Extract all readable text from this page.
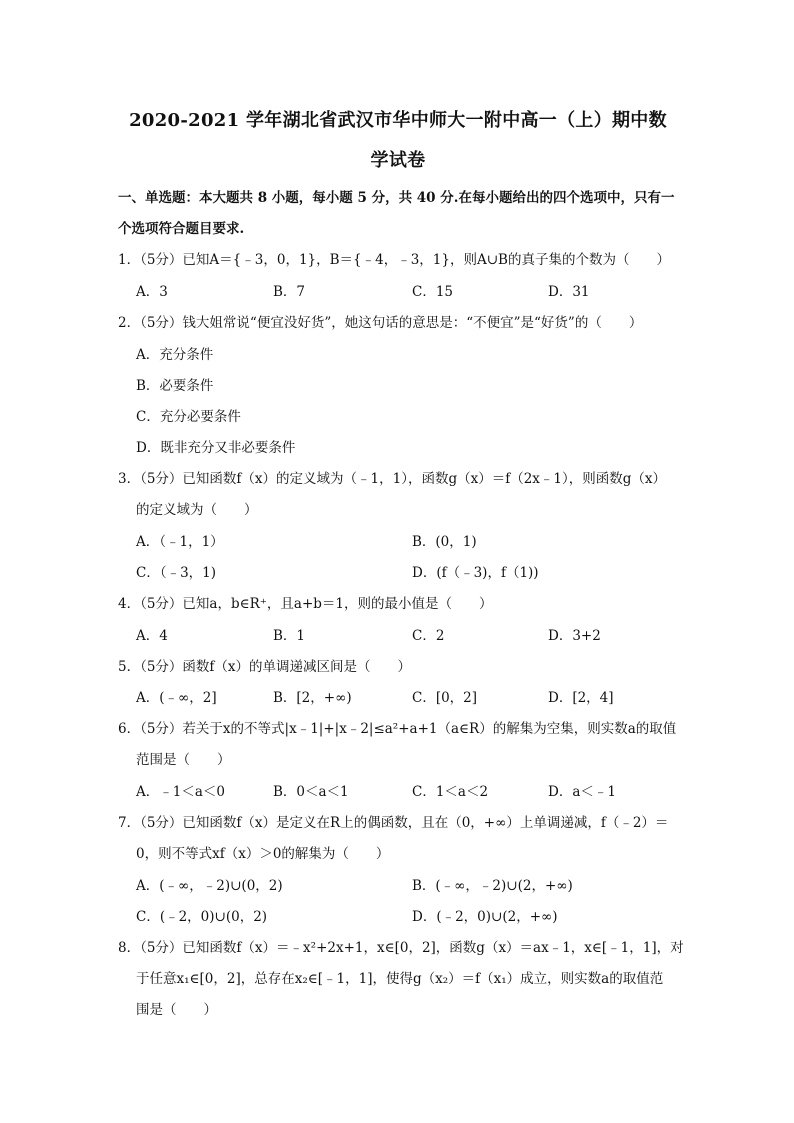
2020-2021 学年湖北省武汉市华中师大一附中高一（上）期中数
学试卷
一、单选题：本大题共 8 小题，每小题 5 分，共 40 分.在每小题给出的四个选项中，只有一
个选项符合题目要求.
1．（5分）已知A＝{﹣3，0，1}，B＝{﹣4，﹣3，1}，则A∪B的真子集的个数为（　　）
A．3	B．7	C．15	D．31
2．（5分）钱大姐常说“便宜没好货”，她这句话的意思是：“不便宜”是“好货”的（　　）
A．充分条件
B．必要条件
C．充分必要条件
D．既非充分又非必要条件
3．（5分）已知函数f（x）的定义域为（﹣1，1），函数g（x）＝f（2x﹣1），则函数g（x）
的定义域为（　　）
A．（﹣1，1）	B．(0，1)
C．（﹣3，1)	D．(f（﹣3)，f（1))
4．（5分）已知a，b∈R⁺，且a+b＝1，则的最小值是（　　）
A．4	B．1	C．2	D．3+2
5．（5分）函数f（x）的单调递减区间是（　　）
A．(﹣∞，2]	B．[2，+∞)	C．[0，2]	D．[2，4]
6．（5分）若关于x的不等式|x﹣1|+|x﹣2|≤a²+a+1（a∈R）的解集为空集，则实数a的取值
范围是（　　）
A．﹣1＜a＜0	B．0＜a＜1	C．1＜a＜2	D．a＜﹣1
7．（5分）已知函数f（x）是定义在R上的偶函数，且在（0，+∞）上单调递减，f（﹣2）＝
0，则不等式xf（x）＞0的解集为（　　）
A．(﹣∞，﹣2)∪(0，2)	B．(﹣∞，﹣2)∪(2，+∞)
C．(﹣2，0)∪(0，2)	D．(﹣2，0)∪(2，+∞)
8．（5分）已知函数f（x）＝﹣x²+2x+1，x∈[0，2]，函数g（x）＝ax﹣1，x∈[﹣1，1]，对
于任意x₁∈[0，2]，总存在x₂∈[﹣1，1]，使得g（x₂）＝f（x₁）成立，则实数a的取值范
围是（　　）
